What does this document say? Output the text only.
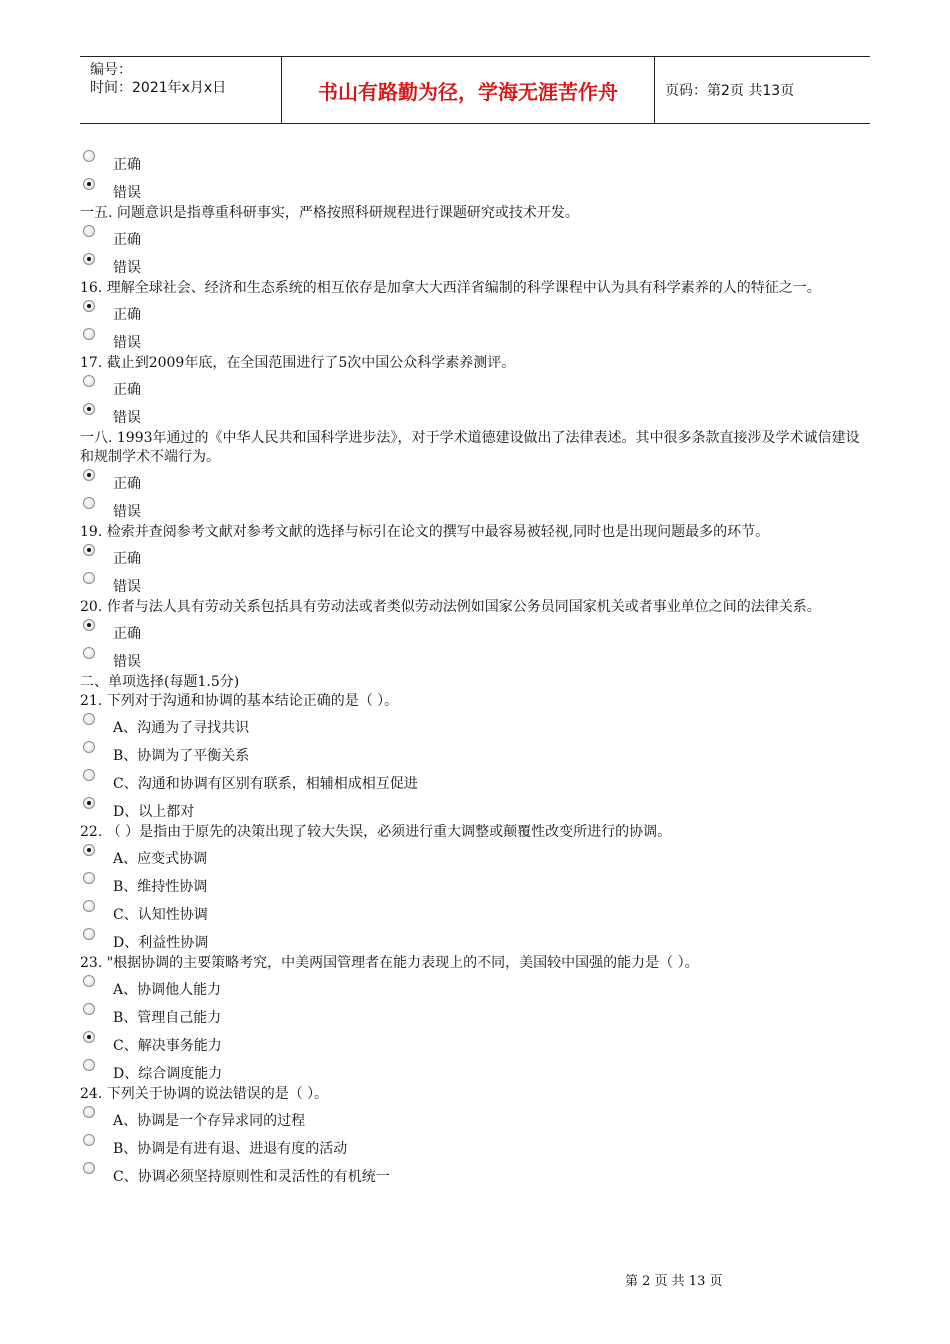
编号：
时间：2021年x月x日	书山有路勤为径，学海无涯苦作舟	页码：第2页 共13页
正确
错误
一五. 问题意识是指尊重科研事实，严格按照科研规程进行课题研究或技术开发。
正确
错误
16. 理解全球社会、经济和生态系统的相互依存是加拿大大西洋省编制的科学课程中认为具有科学素养的人的特征之一。
正确
错误
17. 截止到2009年底，在全国范围进行了5次中国公众科学素养测评。
正确
错误
一八. 1993年通过的《中华人民共和国科学进步法》，对于学术道德建设做出了法律表述。其中很多条款直接涉及学术诚信建设和规制学术不端行为。
正确
错误
19. 检索并查阅参考文献对参考文献的选择与标引在论文的撰写中最容易被轻视,同时也是出现问题最多的环节。
正确
错误
20. 作者与法人具有劳动关系包括具有劳动法或者类似劳动法例如国家公务员同国家机关或者事业单位之间的法律关系。
正确
错误
二、单项选择(每题1.5分)
21. 下列对于沟通和协调的基本结论正确的是（ ）。
A、沟通为了寻找共识
B、协调为了平衡关系
C、沟通和协调有区别有联系，相辅相成相互促进
D、以上都对
22. （ ）是指由于原先的决策出现了较大失误，必须进行重大调整或颠覆性改变所进行的协调。
A、应变式协调
B、维持性协调
C、认知性协调
D、利益性协调
23. "根据协调的主要策略考究，中美两国管理者在能力表现上的不同，美国较中国强的能力是（ ）。
A、协调他人能力
B、管理自己能力
C、解决事务能力
D、综合调度能力
24. 下列关于协调的说法错误的是（ ）。
A、协调是一个存异求同的过程
B、协调是有进有退、进退有度的活动
C、协调必须坚持原则性和灵活性的有机统一
第 2 页 共 13 页
